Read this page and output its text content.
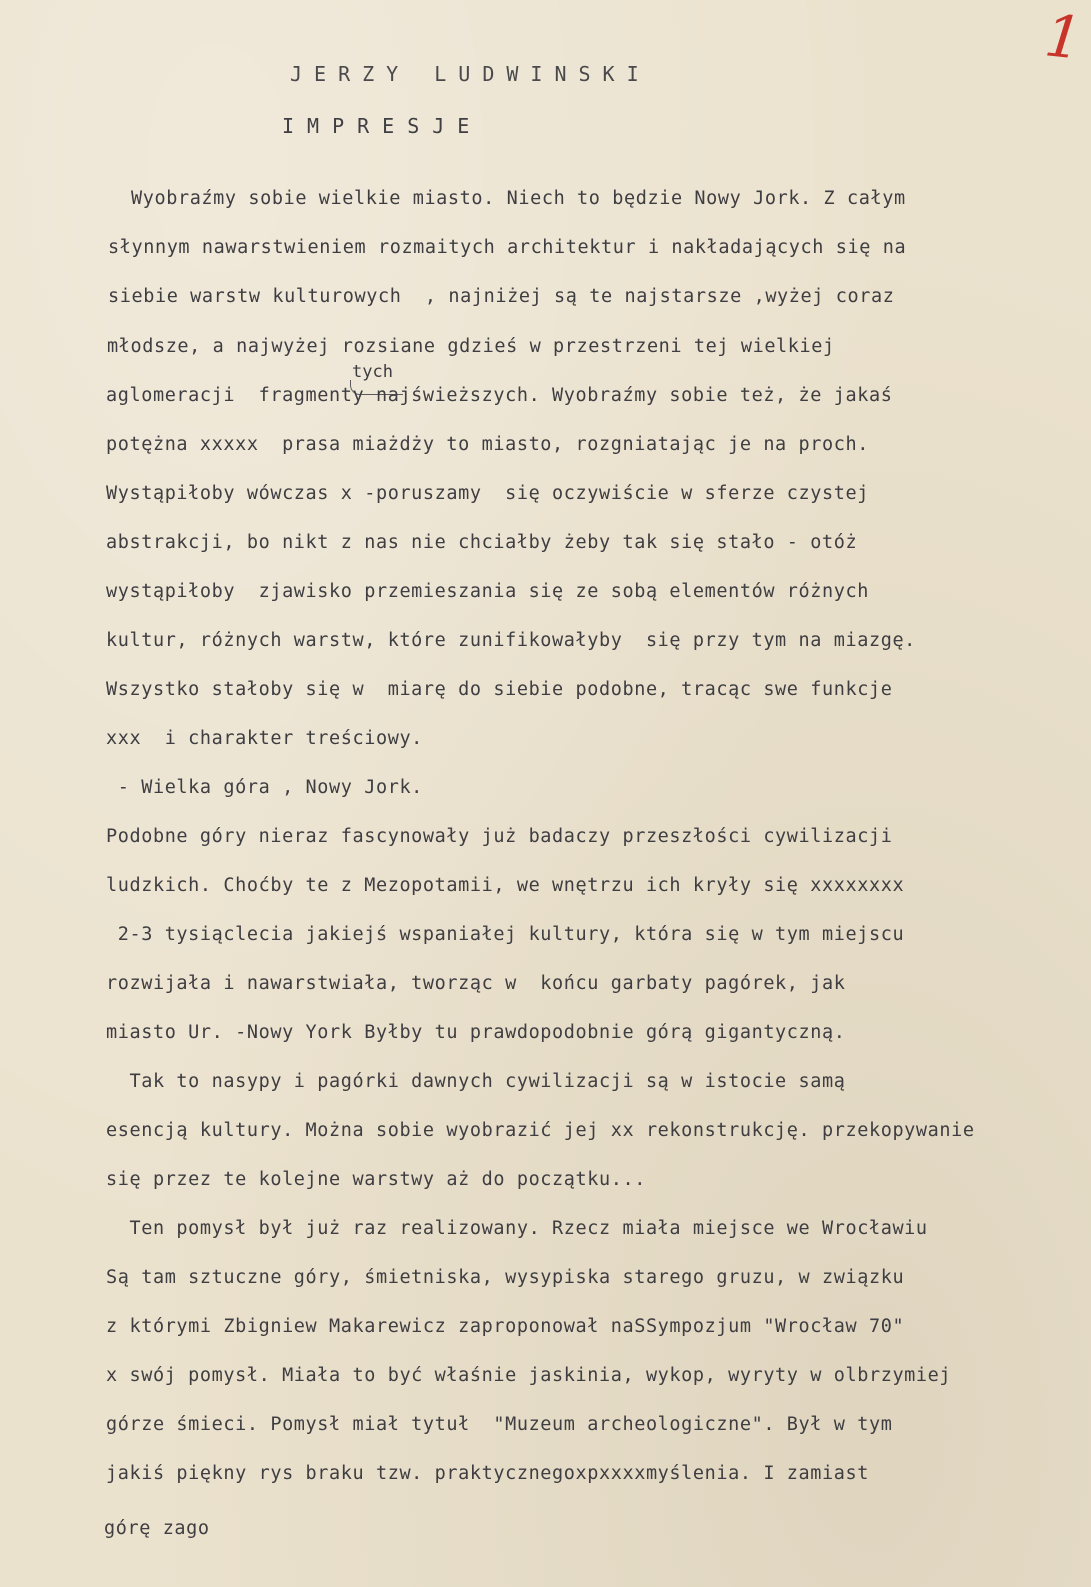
1
JERZY LUDWINSKI
IMPRESJE
tych
Wyobraźmy sobie wielkie miasto. Niech to będzie Nowy Jork. Z całym
słynnym nawarstwieniem rozmaitych architektur i nakładających się na
siebie warstw kulturowych  , najniżej są te najstarsze ,wyżej coraz
młodsze, a najwyżej rozsiane gdzieś w przestrzeni tej wielkiej
aglomeracji  fragmenty najświeższych. Wyobraźmy sobie też, że jakaś
potężna xxxxx  prasa miażdży to miasto, rozgniatając je na proch.
Wystąpiłoby wówczas x -poruszamy  się oczywiście w sferze czystej
abstrakcji, bo nikt z nas nie chciałby żeby tak się stało - otóż
wystąpiłoby  zjawisko przemieszania się ze sobą elementów różnych
kultur, różnych warstw, które zunifikowałyby  się przy tym na miazgę.
Wszystko stałoby się w  miarę do siebie podobne, tracąc swe funkcje
xxx  i charakter treściowy.
- Wielka góra , Nowy Jork.
Podobne góry nieraz fascynowały już badaczy przeszłości cywilizacji
ludzkich. Choćby te z Mezopotamii, we wnętrzu ich kryły się xxxxxxxx
2-3 tysiąclecia jakiejś wspaniałej kultury, która się w tym miejscu
rozwijała i nawarstwiała, tworząc w  końcu garbaty pagórek, jak
miasto Ur. -Nowy York Byłby tu prawdopodobnie górą gigantyczną.
Tak to nasypy i pagórki dawnych cywilizacji są w istocie samą
esencją kultury. Można sobie wyobrazić jej xx rekonstrukcję. przekopywanie
się przez te kolejne warstwy aż do początku...
Ten pomysł był już raz realizowany. Rzecz miała miejsce we Wrocławiu
Są tam sztuczne góry, śmietniska, wysypiska starego gruzu, w związku
z którymi Zbigniew Makarewicz zaproponował naSSympozjum "Wrocław 70"
x swój pomysł. Miała to być właśnie jaskinia, wykop, wyryty w olbrzymiej
górze śmieci. Pomysł miał tytuł  "Muzeum archeologiczne". Był w tym
jakiś piękny rys braku tzw. praktycznegoxpxxxxmyślenia. I zamiast
górę zago
